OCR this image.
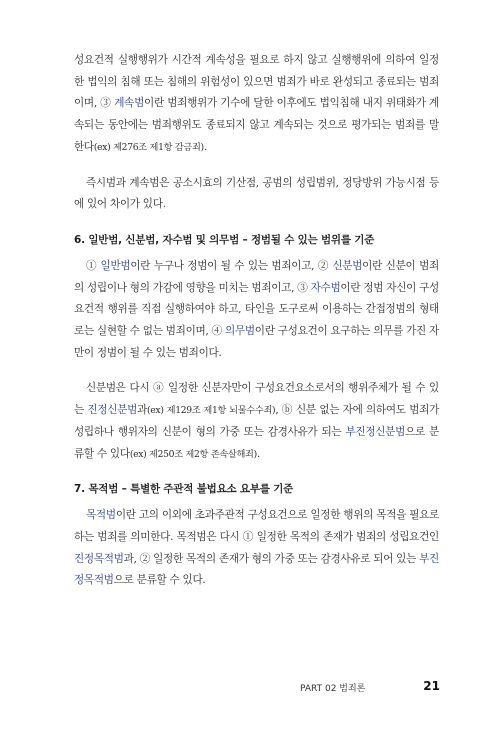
성요건적 실행행위가 시간적 계속성을 필요로 하지 않고 실행행위에 의하여 일정한 법익의 침해 또는 침해의 위험성이 있으면 범죄가 바로 완성되고 종료되는 범죄이며, ③ 계속범이란 범죄행위가 기수에 달한 이후에도 법익침해 내지 위태화가 계속되는 동안에는 범죄행위도 종료되지 않고 계속되는 것으로 평가되는 범죄를 말한다(ex) 제276조 제1항 감금죄).

즉시범과 계속범은 공소시효의 기산점, 공범의 성립범위, 정당방위 가능시점 등에 있어 차이가 있다.

6. 일반범, 신분범, 자수범 및 의무범 – 정범될 수 있는 범위를 기준

① 일반범이란 누구나 정범이 될 수 있는 범죄이고, ② 신분범이란 신분이 범죄의 성립이나 형의 가감에 영향을 미치는 범죄이고, ③ 자수범이란 정범 자신이 구성요건적 행위를 직접 실행하여야 하고, 타인을 도구로써 이용하는 간접정범의 형태로는 실현할 수 없는 범죄이며, ④ 의무범이란 구성요건이 요구하는 의무를 가진 자만이 정범이 될 수 있는 범죄이다.

신분범은 다시 ⓐ 일정한 신분자만이 구성요건요소로서의 행위주체가 될 수 있는 진정신분범과(ex) 제129조 제1항 뇌물수수죄), ⓑ 신분 없는 자에 의하여도 범죄가 성립하나 행위자의 신분이 형의 가중 또는 감경사유가 되는 부진정신분범으로 분류할 수 있다(ex) 제250조 제2항 존속살해죄).

7. 목적범 – 특별한 주관적 불법요소 요부를 기준

목적범이란 고의 이외에 초과주관적 구성요건으로 일정한 행위의 목적을 필요로 하는 범죄를 의미한다. 목적범은 다시 ① 일정한 목적의 존재가 범죄의 성립요건인 진정목적범과, ② 일정한 목적의 존재가 형의 가중 또는 감경사유로 되어 있는 부진정목적범으로 분류할 수 있다.

PART 02 범죄론	21
